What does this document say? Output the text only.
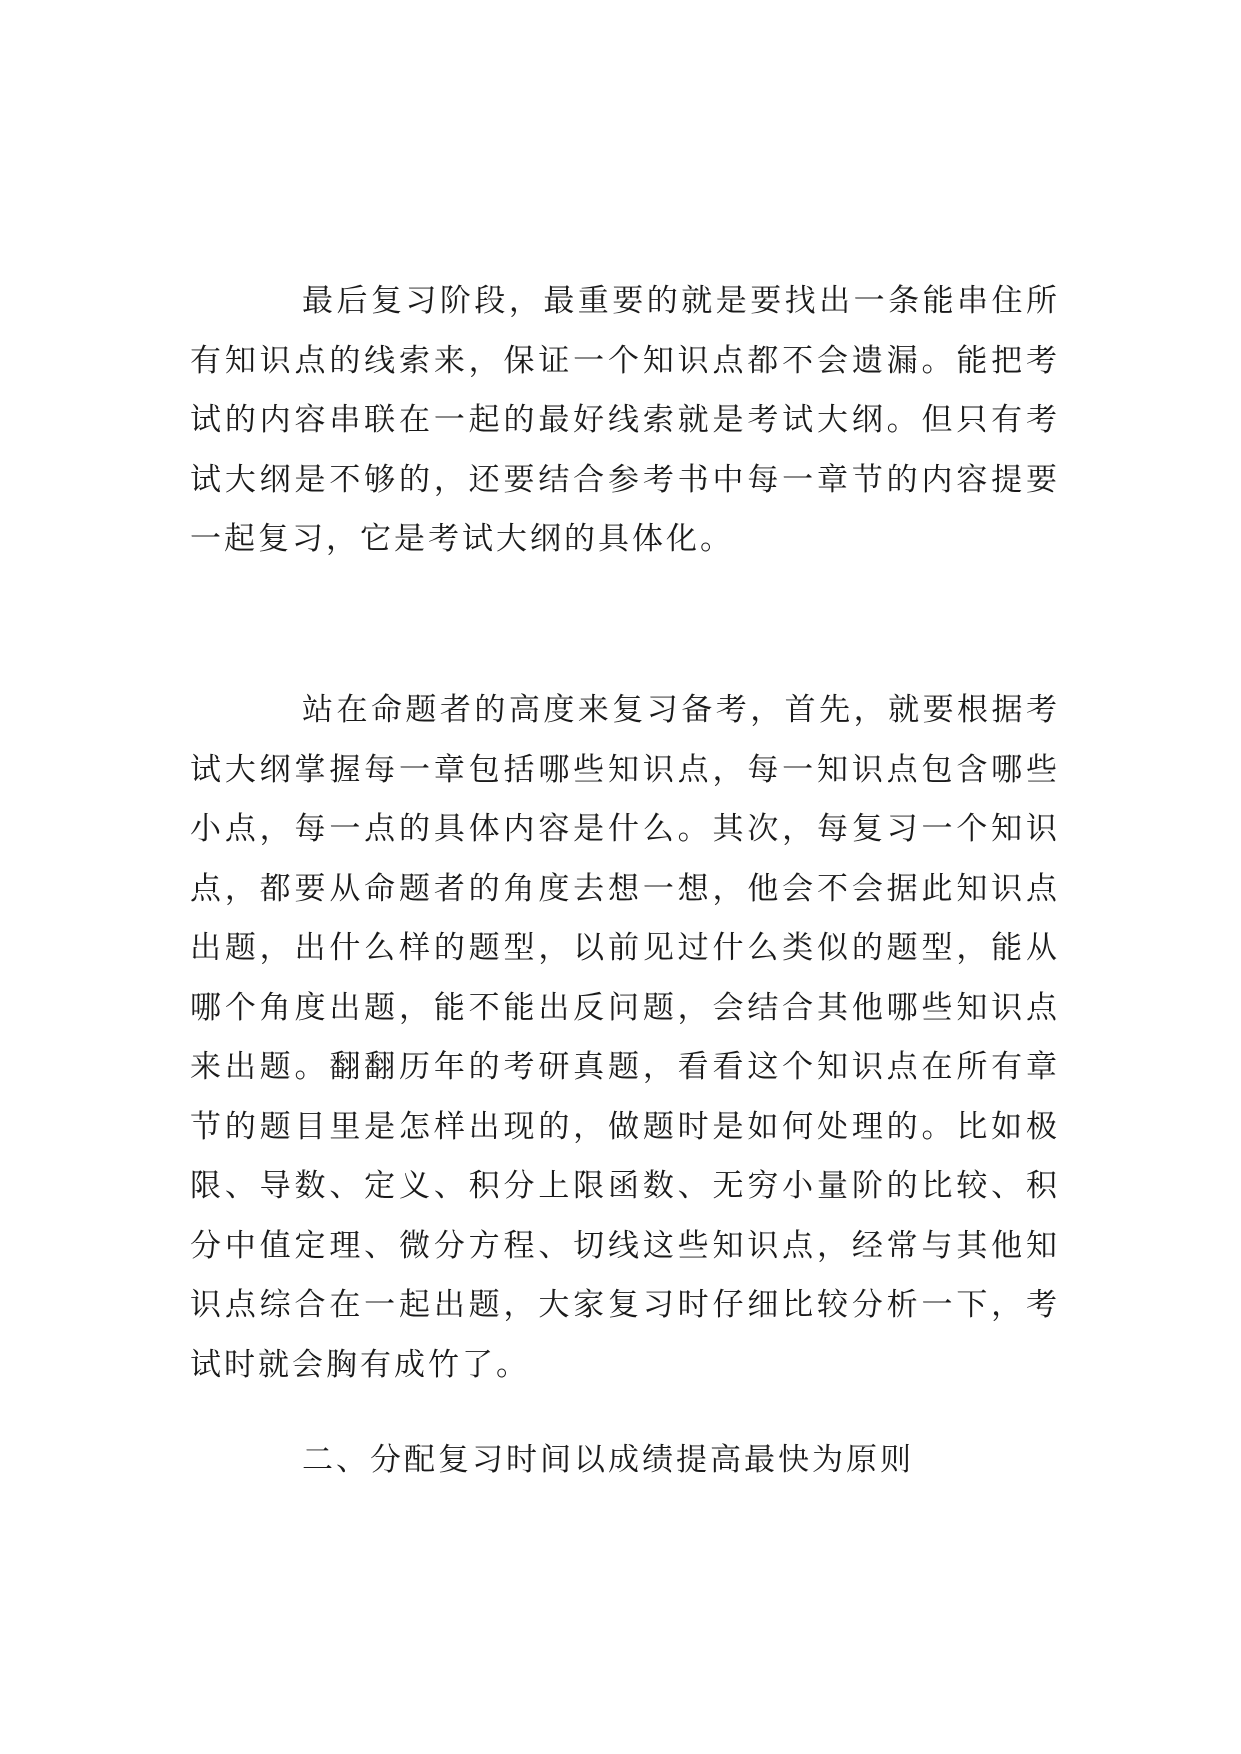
最后复习阶段，最重要的就是要找出一条能串住所有知识点的线索来，保证一个知识点都不会遗漏。能把考试的内容串联在一起的最好线索就是考试大纲。但只有考试大纲是不够的，还要结合参考书中每一章节的内容提要一起复习，它是考试大纲的具体化。

站在命题者的高度来复习备考，首先，就要根据考试大纲掌握每一章包括哪些知识点，每一知识点包含哪些小点，每一点的具体内容是什么。其次，每复习一个知识点，都要从命题者的角度去想一想，他会不会据此知识点出题，出什么样的题型，以前见过什么类似的题型，能从哪个角度出题，能不能出反问题，会结合其他哪些知识点来出题。翻翻历年的考研真题，看看这个知识点在所有章节的题目里是怎样出现的，做题时是如何处理的。比如极限、导数、定义、积分上限函数、无穷小量阶的比较、积分中值定理、微分方程、切线这些知识点，经常与其他知识点综合在一起出题，大家复习时仔细比较分析一下，考试时就会胸有成竹了。

二、分配复习时间以成绩提高最快为原则
